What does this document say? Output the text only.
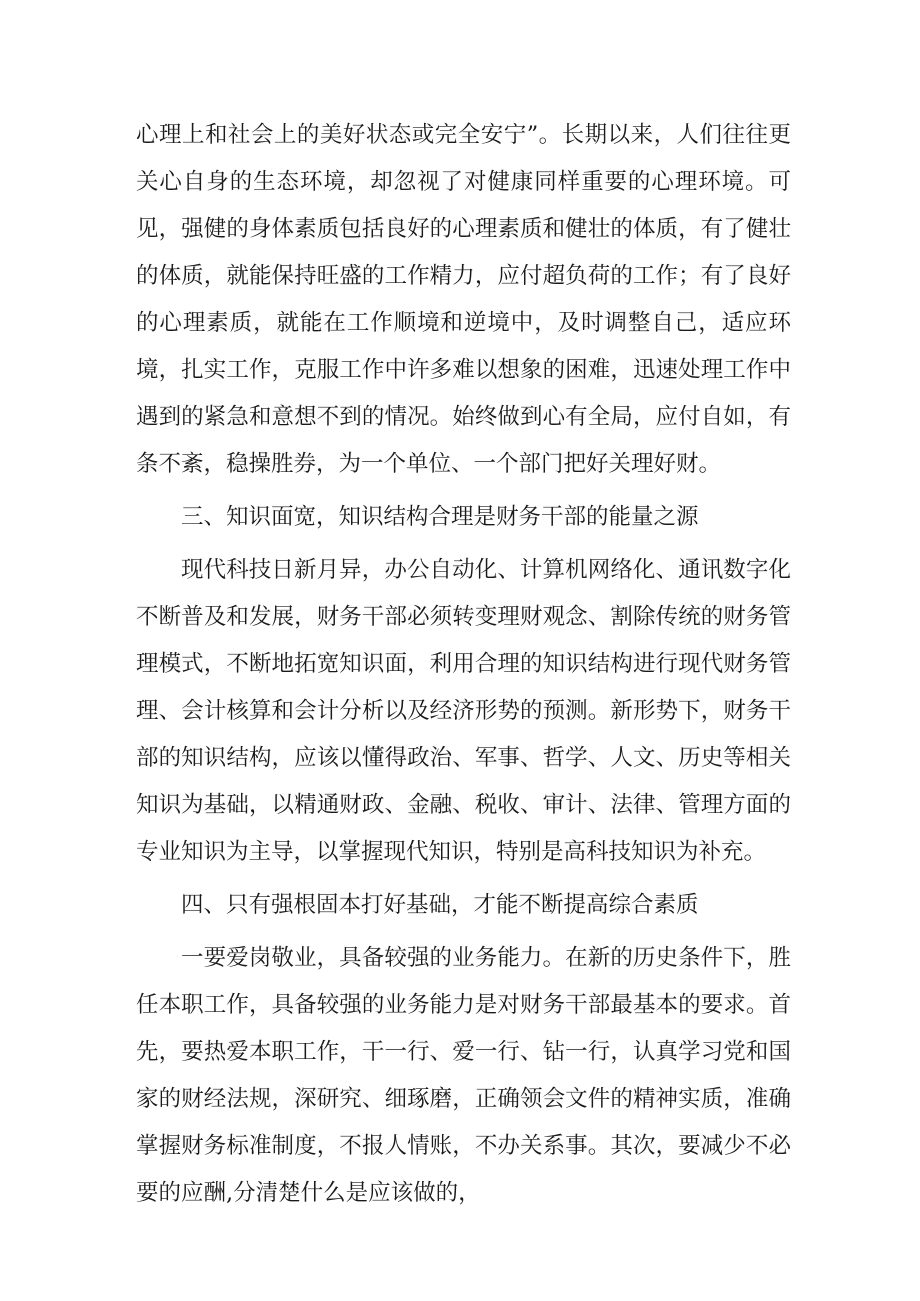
心理上和社会上的美好状态或完全安宁”。长期以来，人们往往更关心自身的生态环境，却忽视了对健康同样重要的心理环境。可见，强健的身体素质包括良好的心理素质和健壮的体质，有了健壮的体质，就能保持旺盛的工作精力，应付超负荷的工作；有了良好的心理素质，就能在工作顺境和逆境中，及时调整自己，适应环境，扎实工作，克服工作中许多难以想象的困难，迅速处理工作中遇到的紧急和意想不到的情况。始终做到心有全局，应付自如，有条不紊，稳操胜券，为一个单位、一个部门把好关理好财。

三、知识面宽，知识结构合理是财务干部的能量之源

现代科技日新月异，办公自动化、计算机网络化、通讯数字化不断普及和发展，财务干部必须转变理财观念、割除传统的财务管理模式，不断地拓宽知识面，利用合理的知识结构进行现代财务管理、会计核算和会计分析以及经济形势的预测。新形势下，财务干部的知识结构，应该以懂得政治、军事、哲学、人文、历史等相关知识为基础，以精通财政、金融、税收、审计、法律、管理方面的专业知识为主导，以掌握现代知识，特别是高科技知识为补充。

四、只有强根固本打好基础，才能不断提高综合素质

一要爱岗敬业，具备较强的业务能力。在新的历史条件下，胜任本职工作，具备较强的业务能力是对财务干部最基本的要求。首先，要热爱本职工作，干一行、爱一行、钻一行，认真学习党和国家的财经法规，深研究、细琢磨，正确领会文件的精神实质，准确掌握财务标准制度，不报人情账，不办关系事。其次，要减少不必要的应酬,分清楚什么是应该做的，
